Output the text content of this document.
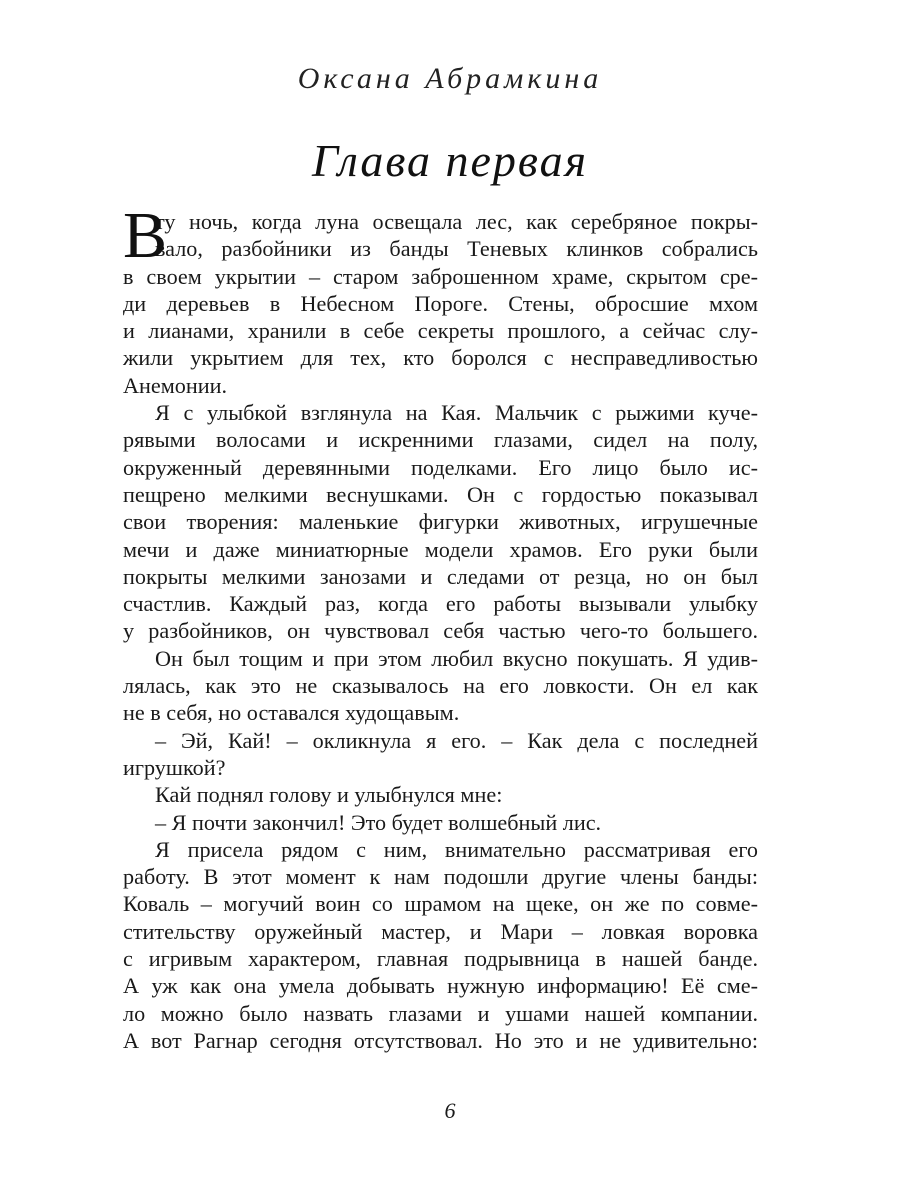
Оксана Абрамкина
Глава первая
В
ту ночь, когда луна освещала лес, как серебряное покры-
вало, разбойники из банды Теневых клинков собрались
в своем укрытии – старом заброшенном храме, скрытом сре-
ди деревьев в Небесном Пороге. Стены, обросшие мхом
и лианами, хранили в себе секреты прошлого, а сейчас слу-
жили укрытием для тех, кто боролся с несправедливостью
Анемонии.
Я с улыбкой взглянула на Кая. Мальчик с рыжими куче-
рявыми волосами и искренними глазами, сидел на полу,
окруженный деревянными поделками. Его лицо было ис-
пещрено мелкими веснушками. Он с гордостью показывал
свои творения: маленькие фигурки животных, игрушечные
мечи и даже миниатюрные модели храмов. Его руки были
покрыты мелкими занозами и следами от резца, но он был
счастлив. Каждый раз, когда его работы вызывали улыбку
у разбойников, он чувствовал себя частью чего-то большего.
Он был тощим и при этом любил вкусно покушать. Я удив-
лялась, как это не сказывалось на его ловкости. Он ел как
не в себя, но оставался худощавым.
– Эй, Кай! – окликнула я его. – Как дела с последней
игрушкой?
Кай поднял голову и улыбнулся мне:
– Я почти закончил! Это будет волшебный лис.
Я присела рядом с ним, внимательно рассматривая его
работу. В этот момент к нам подошли другие члены банды:
Коваль – могучий воин со шрамом на щеке, он же по совме-
стительству оружейный мастер, и Мари – ловкая воровка
с игривым характером, главная подрывница в нашей банде.
А уж как она умела добывать нужную информацию! Её сме-
ло можно было назвать глазами и ушами нашей компании.
А вот Рагнар сегодня отсутствовал. Но это и не удивительно:
6
